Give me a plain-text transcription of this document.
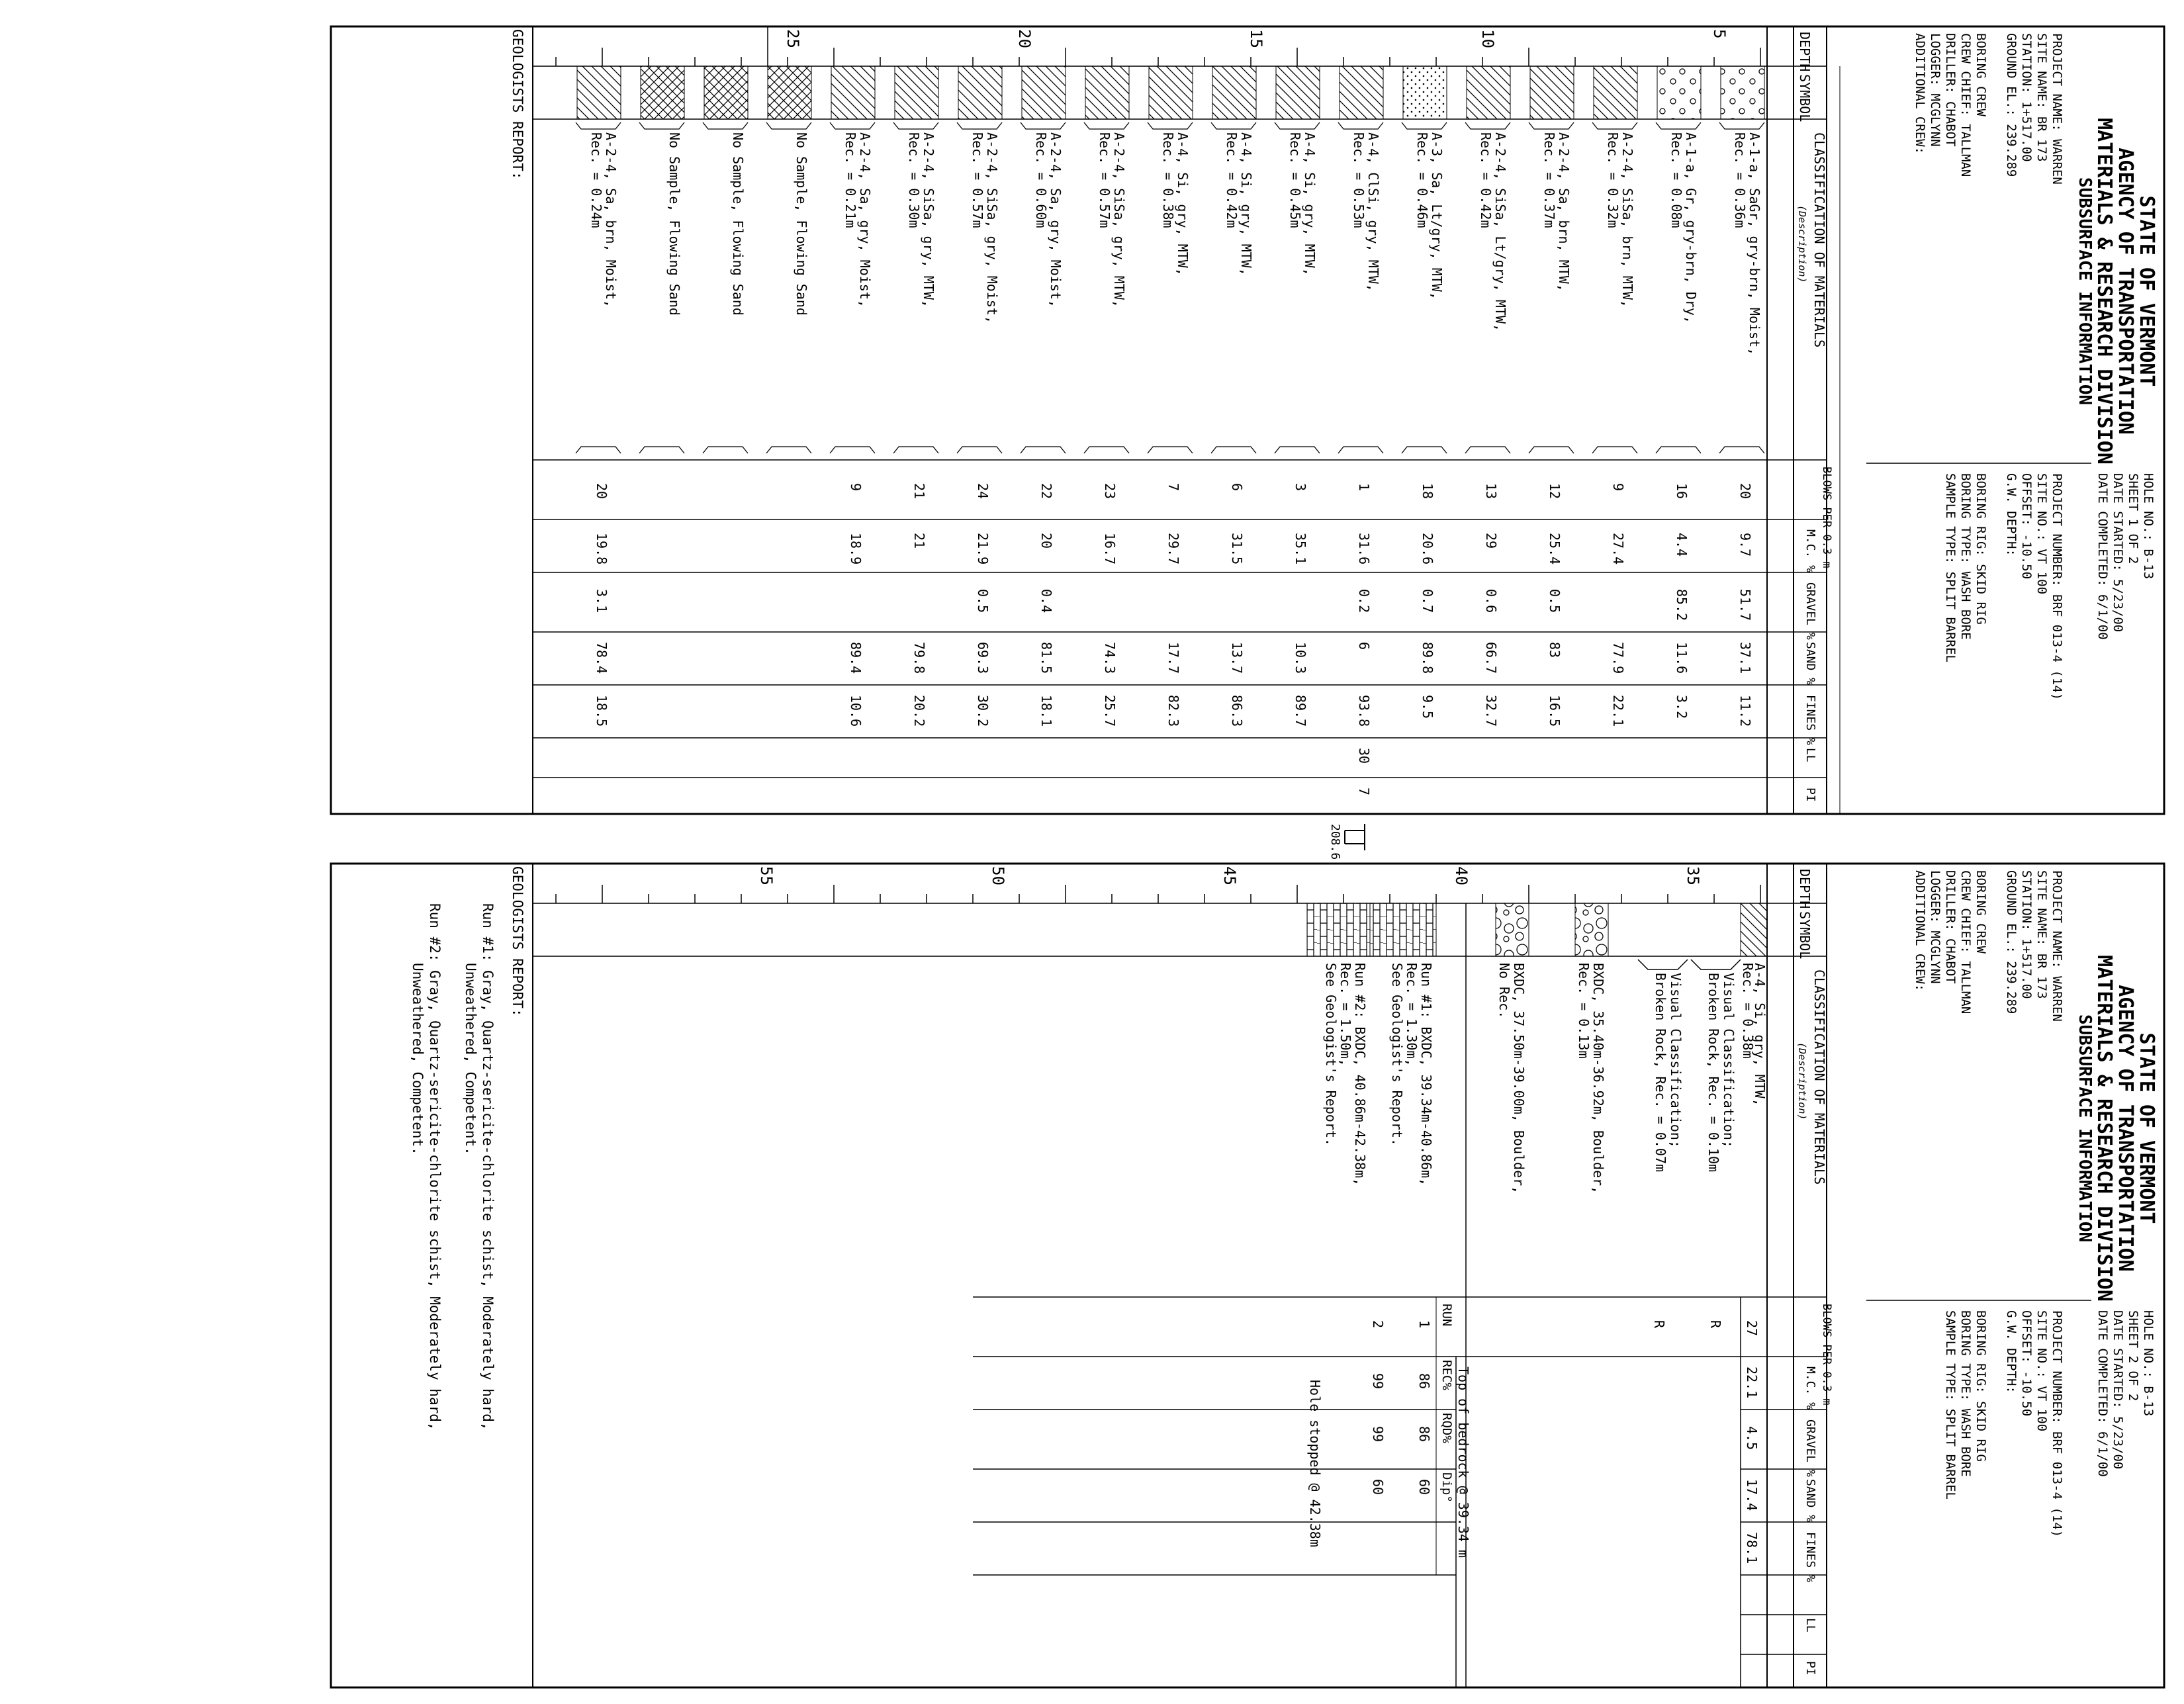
STATE OF VERMONT
AGENCY OF TRANSPORTATION
MATERIALS & RESEARCH DIVISION
SUBSURFACE INFORMATION
PROJECT NAME: WARREN
SITE NAME: BR 173
STATION: 1+517.00
GROUND EL.: 239.289
BORING CREW
CREW CHIEF: TALLMAN
DRILLER: CHABOT
LOGGER: MCGLYNN
ADDITIONAL CREW:
HOLE NO.: B-13
SHEET 1 OF 2
DATE STARTED: 5/23/00
DATE COMPLETED: 6/1/00
PROJECT NUMBER: BRF 013-4 (14)
SITE NO.: VT 100
OFFSET: -10.50
G.W. DEPTH:
BORING RIG: SKID RIG
BORING TYPE: WASH BORE
SAMPLE TYPE: SPLIT BARREL
DEPTH
SYMBOL
CLASSIFICATION OF MATERIALS
(Description)
BLOWS PER 0.3 m
M.C. %
GRAVEL %
SAND %
FINES %
LL
PI
5
10
15
20
25
GEOLOGISTS REPORT:
A-1-a, SaGr, gry-brn, Moist,
Rec. = 0.36m
20
9.7
51.7
37.1
11.2
A-1-a, Gr, gry-brn, Dry,
Rec. = 0.08m
16
4.4
85.2
11.6
3.2
A-2-4, SiSa, brn, MTW,
Rec. = 0.32m
9
27.4
77.9
22.1
A-2-4, Sa, brn, MTW,
Rec. = 0.37m
12
25.4
0.5
83
16.5
A-2-4, SiSa, Lt/gry, MTW,
Rec. = 0.42m
13
29
0.6
66.7
32.7
A-3, Sa, Lt/gry, MTW,
Rec. = 0.46m
18
20.6
0.7
89.8
9.5
A-4, ClSi, gry, MTW,
Rec. = 0.53m
1
31.6
0.2
6
93.8
30
7
A-4, Si, gry, MTW,
Rec. = 0.45m
3
35.1
10.3
89.7
A-4, Si, gry, MTW,
Rec. = 0.42m
6
31.5
13.7
86.3
A-4, Si, gry, MTW,
Rec. = 0.38m
7
29.7
17.7
82.3
A-2-4, SiSa, gry, MTW,
Rec. = 0.57m
23
16.7
74.3
25.7
A-2-4, Sa, gry, Moist,
Rec. = 0.60m
22
20
0.4
81.5
18.1
A-2-4, SiSa, gry, Moist,
Rec. = 0.57m
24
21.9
0.5
69.3
30.2
A-2-4, SiSa, gry, MTW,
Rec. = 0.30m
21
21
79.8
20.2
A-2-4, Sa, gry, Moist,
Rec. = 0.21m
9
18.9
89.4
10.6
No Sample, Flowing Sand
No Sample, Flowing Sand
No Sample, Flowing Sand
A-2-4, Sa, brn, Moist,
Rec. = 0.24m
20
19.8
3.1
78.4
18.5
STATE OF VERMONT
AGENCY OF TRANSPORTATION
MATERIALS & RESEARCH DIVISION
SUBSURFACE INFORMATION
PROJECT NAME: WARREN
SITE NAME: BR 173
STATION: 1+517.00
GROUND EL.: 239.289
BORING CREW
CREW CHIEF: TALLMAN
DRILLER: CHABOT
LOGGER: MCGLYNN
ADDITIONAL CREW:
HOLE NO.: B-13
SHEET 2 OF 2
DATE STARTED: 5/23/00
DATE COMPLETED: 6/1/00
PROJECT NUMBER: BRF 013-4 (14)
SITE NO.: VT 100
OFFSET: -10.50
G.W. DEPTH:
BORING RIG: SKID RIG
BORING TYPE: WASH BORE
SAMPLE TYPE: SPLIT BARREL
DEPTH
SYMBOL
CLASSIFICATION OF MATERIALS
(Description)
BLOWS PER 0.3 m
M.C. %
GRAVEL %
SAND %
FINES %
LL
PI
35
40
45
50
55
A-4, Si, gry, MTW,
Rec. = 0.38m
27
22.1
4.5
17.4
78.1
Visual Classification;
Broken Rock, Rec. = 0.10m
R
Visual Classification;
Broken Rock, Rec. = 0.07m
R
BXDC, 35.40m-36.92m, Boulder,
Rec. = 0.13m
BXDC, 37.50m-39.00m, Boulder,
No Rec.
Top of bedrock @ 39.34 m
RUN
REC%
RQD%
Dip°
Run #1: BXDC, 39.34m-40.86m,
Rec. = 1.30m,
See Geologist's Report.
1
86
86
60
Run #2: BXDC, 40.86m-42.38m,
Rec. = 1.50m,
See Geologist's Report.
2
99
99
60
Hole stopped @ 42.38m
GEOLOGISTS REPORT:
Run #1: Gray, Quartz-sericite-chlorite schist, Moderately hard,
Unweathered, Competent.
Run #2: Gray, Quartz-sericite-chlorite schist, Moderately hard,
Unweathered, Competent.
208.6
